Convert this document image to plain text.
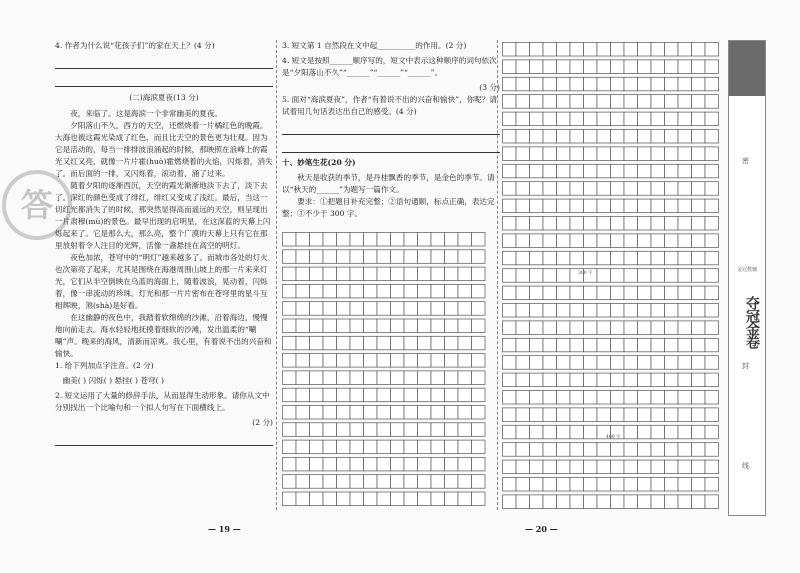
答

4. 作者为什么说“花孩子们”的家在天上？(4 分)

(二)海滨夏夜(13 分)

夜，来临了。这是海滨一个非常幽美的夏夜。

夕阳落山不久，西方的天空，还燃烧着一片橘红色的晚霞。大海也被这霞光染成了红色，而且比天空的景色更为壮观。因为它是活动的，每当一排排波浪涌起的时候，那映照在浪峰上的霞光又红又亮，就像一片片霍(huò)霍燃烧着的火焰，闪烁着，消失了。而后面的一排，又闪烁着，滚动着，涌了过来。

随着夕阳的逐渐西沉，天空的霞光渐渐地淡下去了，淡下去了。深红的颜色变成了绯红，绯红又变成了浅红。最后，当这一切红光都消失了的时候，那突然显得高而遥远的天空，则呈现出一片肃穆(mù)的景色。最早出现的启明星，在这深蓝的天幕上闪烁起来了。它是那么大，那么亮，整个广漠的天幕上只有它在那里放射着令人注目的光辉，活像一盏悬挂在高空的明灯。

夜色加浓，苍穹中的“明灯”越来越多了。而城市各处的灯火也次第亮了起来，尤其是围绕在海港周围山坡上的那一片来来灯光，它们从半空倒映在乌蓝的海面上，随着波浪，晃动着，闪烁着，像一串流动的珍珠。灯光和那一片片密布在苍穹里的星斗互相辉映，煞(shà)是好看。

在这幽静的夜色中，我踏着软绵绵的沙滩，沿着海边，慢慢地向前走去。海水轻轻地抚摸着细软的沙滩，发出温柔的“唰唰”声。晚来的海风，清新而凉爽。我心里，有着说不出的兴奋和愉快。

1. 给下列加点字注音。(2 分)

幽美( ) 闪烁( ) 悬挂( ) 苍穹( )

2. 短文运用了大量的修辞手法，从而显得生动形象。请你从文中分别找出一个比喻句和一个拟人句写在下面横线上。

(2 分)

3. 短文第 1 自然段在文中起__________的作用。(2 分)

4. 短文是按照______顺序写的，短文中表示这种顺序的词句依次是“夕阳落山不久”“______”“______”“______”。

(3 分)

5. 面对“海滨夏夜”，作者“有着说不出的兴奋和愉快”，你呢？请试着用几句话表达出自己的感受。(4 分)

十、妙笔生花(20 分)

秋天是收获的季节，是丹桂飘香的季节，是金色的季节。请以“秋天的______”为题写一篇作文。

要求：①把题目补充完整；②语句通顺，标点正确，表达完整；③不少于 300 字。

300 字
400 字
— 19 —	— 20 —
密
金冠教辅
夺冠金卷
封
线
